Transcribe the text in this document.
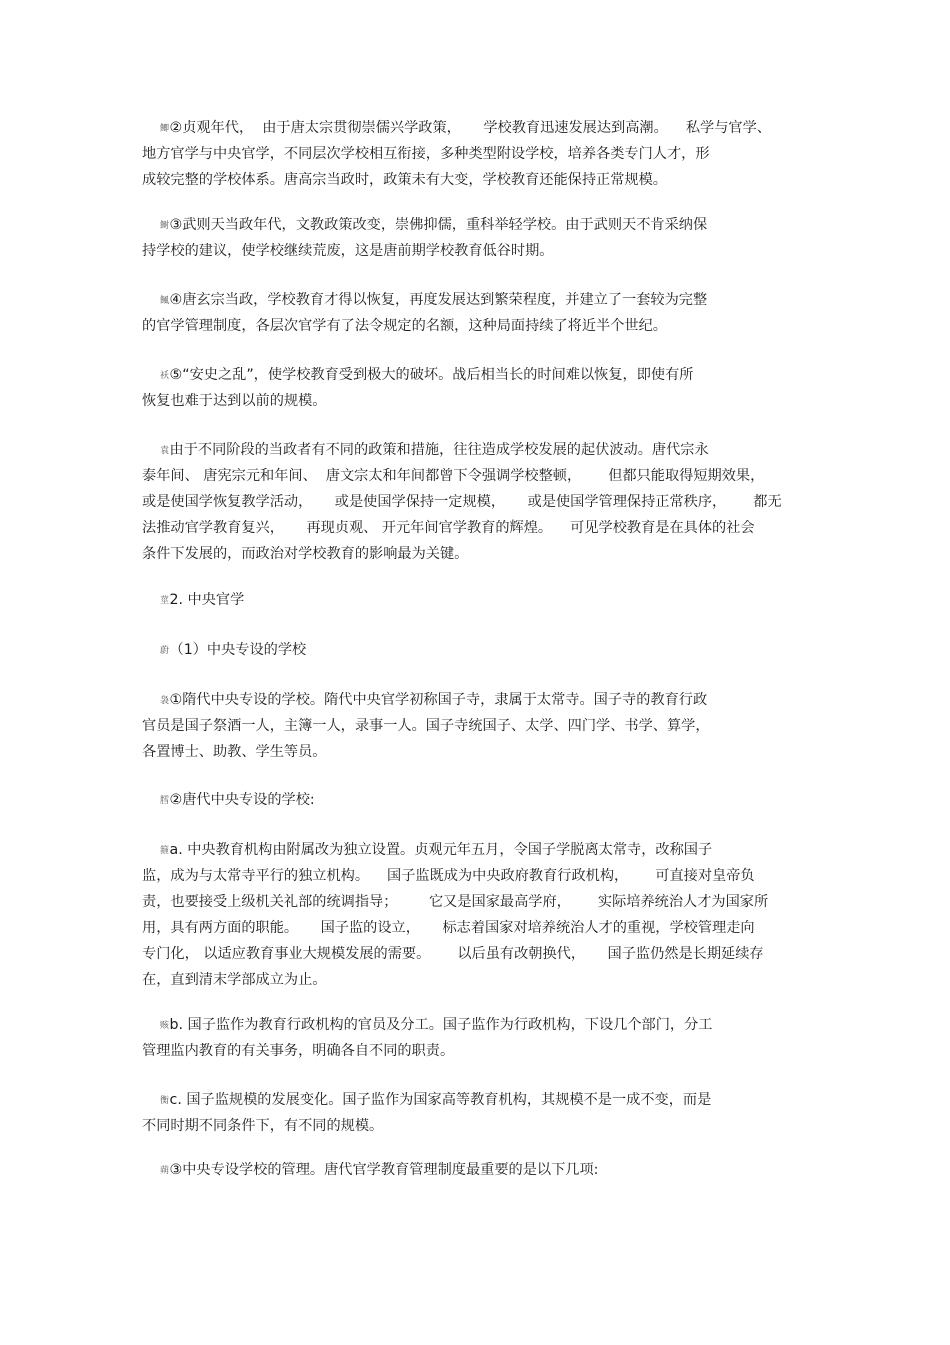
鲫②贞观年代，  由于唐太宗贯彻崇儒兴学政策，     学校教育迅速发展达到高潮。    私学与官学、
地方官学与中央官学，不同层次学校相互衔接，多种类型附设学校，培养各类专门人才，形
成较完整的学校体系。唐高宗当政时，政策未有大变，学校教育还能保持正常规模。
鲥③武则天当政年代，文教政策改变，崇佛抑儒，重科举轻学校。由于武则天不肯采纳保
持学校的建议，使学校继续荒废，这是唐前期学校教育低谷时期。
鲺④唐玄宗当政，学校教育才得以恢复，再度发展达到繁荣程度，并建立了一套较为完整
的官学管理制度，各层次官学有了法令规定的名额，这种局面持续了将近半个世纪。
袄⑤“安史之乱”，使学校教育受到极大的破坏。战后相当长的时间难以恢复，即使有所
恢复也难于达到以前的规模。
袁由于不同阶段的当政者有不同的政策和措施，往往造成学校发展的起伏波动。唐代宗永
泰年间、 唐宪宗元和年间、  唐文宗太和年间都曾下令强调学校整顿，      但都只能取得短期效果，
或是使国学恢复教学活动，     或是使国学保持一定规模，     或是使国学管理保持正常秩序，      都无
法推动官学教育复兴，     再现贞观、 开元年间官学教育的辉煌。    可见学校教育是在具体的社会
条件下发展的，而政治对学校教育的影响最为关键。
莖2. 中央官学
蔚（1）中央专设的学校
袅①隋代中央专设的学校。隋代中央官学初称国子寺，隶属于太常寺。国子寺的教育行政
官员是国子祭酒一人，主簿一人，录事一人。国子寺统国子、太学、四门学、书学、算学，
各置博士、助教、学生等员。
膤②唐代中央专设的学校:
箍a. 中央教育机构由附属改为独立设置。贞观元年五月，令国子学脱离太常寺，改称国子
监，成为与太常寺平行的独立机构。    国子监既成为中央政府教育行政机构，      可直接对皇帝负
责，也要接受上级机关礼部的统调指导；       它又是国家最高学府，      实际培养统治人才为国家所
用，具有两方面的职能。     国子监的设立，     标志着国家对培养统治人才的重视，学校管理走向
专门化， 以适应教育事业大规模发展的需要。      以后虽有改朝换代，     国子监仍然是长期延续存
在，直到清末学部成立为止。
赅b. 国子监作为教育行政机构的官员及分工。国子监作为行政机构，下设几个部门，分工
管理监内教育的有关事务，明确各自不同的职责。
衡c. 国子监规模的发展变化。国子监作为国家高等教育机构，其规模不是一成不变，而是
不同时期不同条件下，有不同的规模。
蒴③中央专设学校的管理。唐代官学教育管理制度最重要的是以下几项:
